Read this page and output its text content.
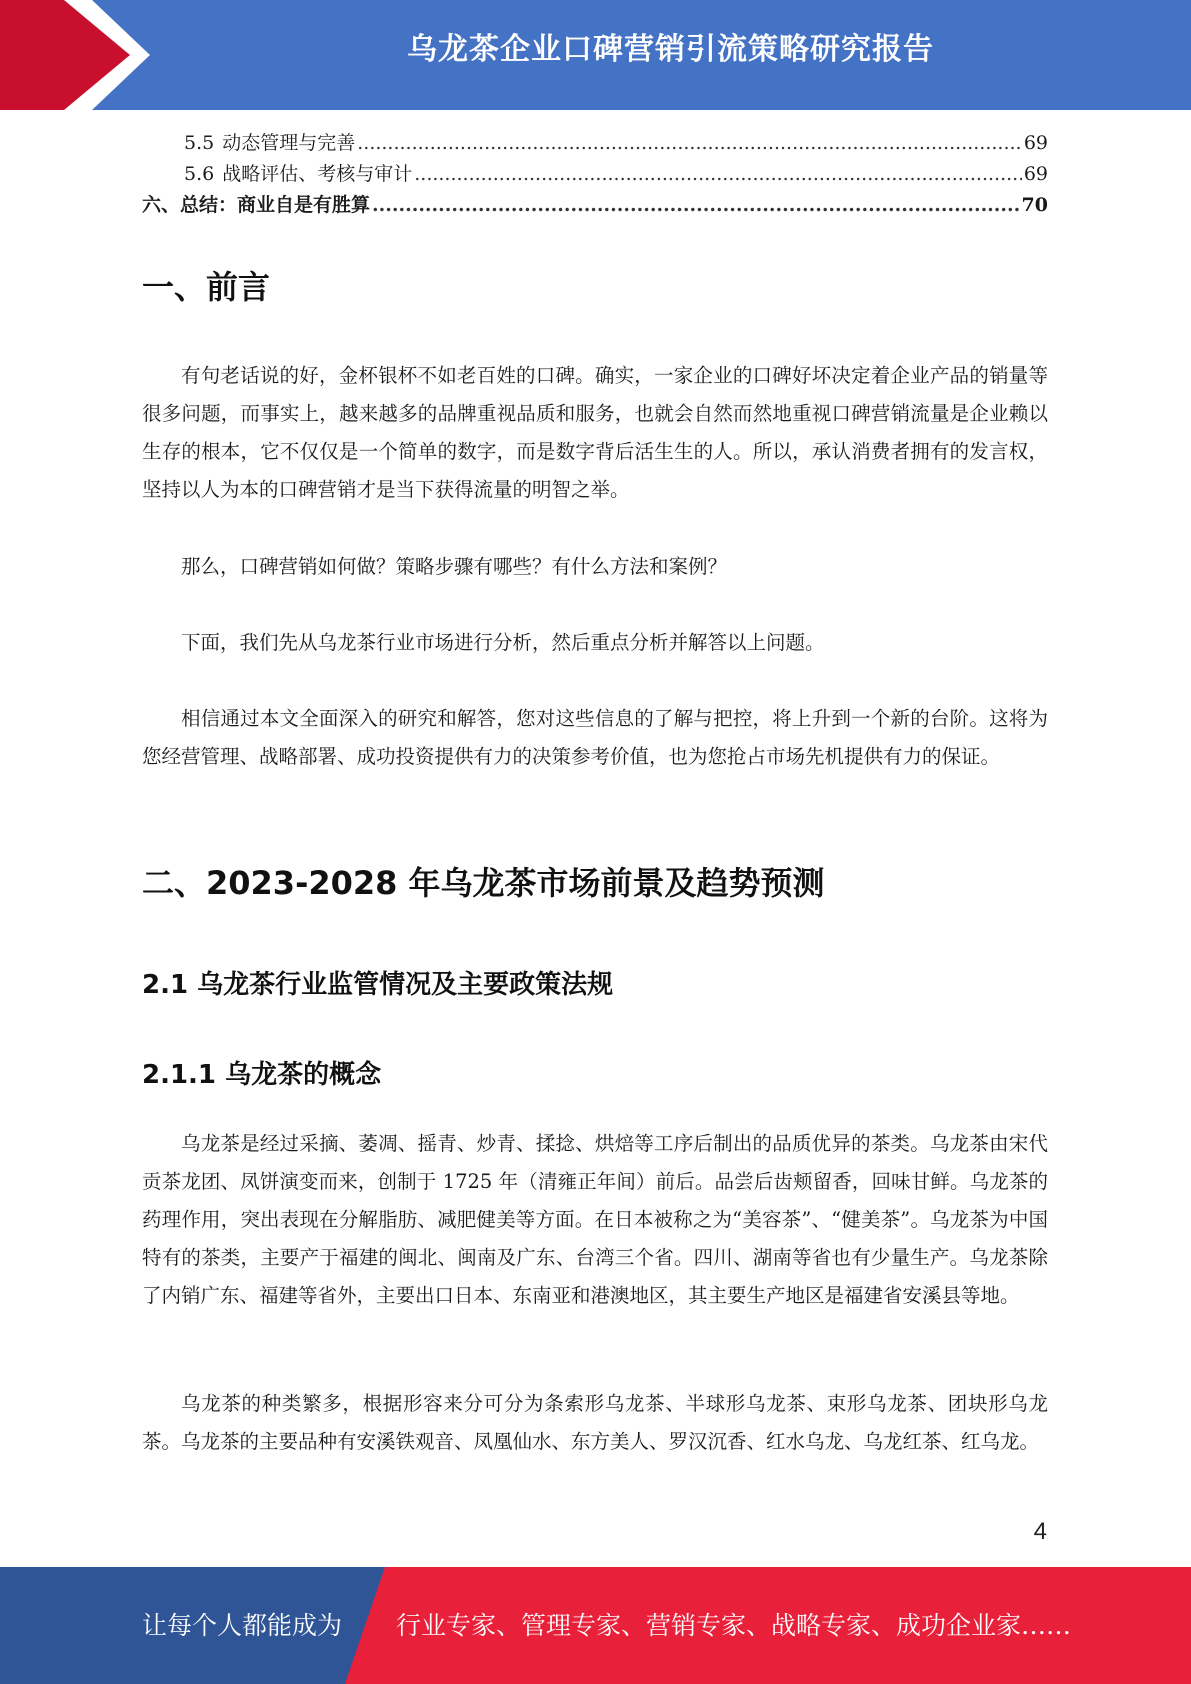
乌龙茶企业口碑营销引流策略研究报告
5.5 动态管理与完善 .....	69
5.6 战略评估、考核与审计 .....	69
六、总结：商业自是有胜算 .....	70
一、前言

有句老话说的好，金杯银杯不如老百姓的口碑。确实，一家企业的口碑好坏决定着企业产品的销量等很多问题，而事实上，越来越多的品牌重视品质和服务，也就会自然而然地重视口碑营销流量是企业赖以生存的根本，它不仅仅是一个简单的数字，而是数字背后活生生的人。所以，承认消费者拥有的发言权，坚持以人为本的口碑营销才是当下获得流量的明智之举。

那么，口碑营销如何做？策略步骤有哪些？有什么方法和案例？

下面，我们先从乌龙茶行业市场进行分析，然后重点分析并解答以上问题。

相信通过本文全面深入的研究和解答，您对这些信息的了解与把控，将上升到一个新的台阶。这将为您经营管理、战略部署、成功投资提供有力的决策参考价值，也为您抢占市场先机提供有力的保证。

二、2023-2028 年乌龙茶市场前景及趋势预测
2.1 乌龙茶行业监管情况及主要政策法规
2.1.1 乌龙茶的概念

乌龙茶是经过采摘、萎凋、摇青、炒青、揉捻、烘焙等工序后制出的品质优异的茶类。乌龙茶由宋代贡茶龙团、凤饼演变而来，创制于 1725 年（清雍正年间）前后。品尝后齿颊留香，回味甘鲜。乌龙茶的药理作用，突出表现在分解脂肪、减肥健美等方面。在日本被称之为“美容茶”、“健美茶”。乌龙茶为中国特有的茶类，主要产于福建的闽北、闽南及广东、台湾三个省。四川、湖南等省也有少量生产。乌龙茶除了内销广东、福建等省外，主要出口日本、东南亚和港澳地区，其主要生产地区是福建省安溪县等地。

乌龙茶的种类繁多，根据形容来分可分为条索形乌龙茶、半球形乌龙茶、束形乌龙茶、团块形乌龙茶。乌龙茶的主要品种有安溪铁观音、凤凰仙水、东方美人、罗汉沉香、红水乌龙、乌龙红茶、红乌龙。

4
让每个人都能成为 行业专家、管理专家、营销专家、战略专家、成功企业家……
